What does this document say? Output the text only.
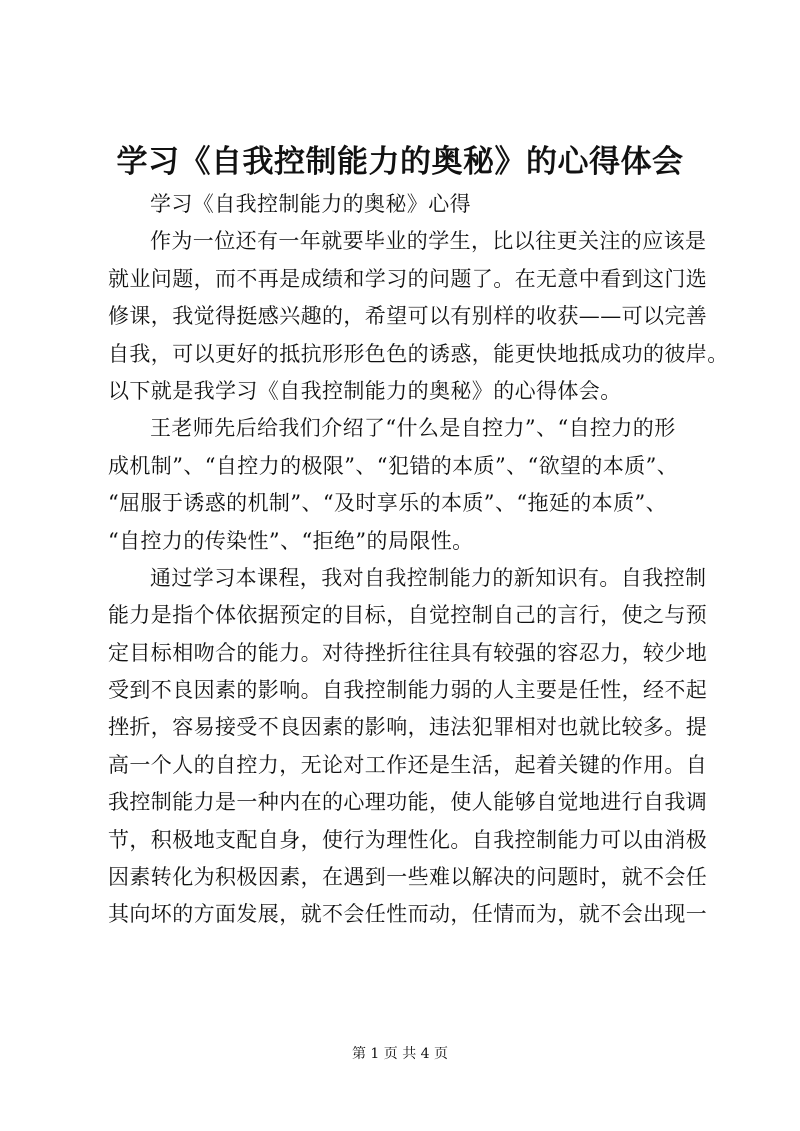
学习《自我控制能力的奥秘》的心得体会
学习《自我控制能力的奥秘》心得
作为一位还有一年就要毕业的学生，比以往更关注的应该是
就业问题，而不再是成绩和学习的问题了。在无意中看到这门选
修课，我觉得挺感兴趣的，希望可以有别样的收获——可以完善
自我，可以更好的抵抗形形色色的诱惑，能更快地抵成功的彼岸。
以下就是我学习《自我控制能力的奥秘》的心得体会。
王老师先后给我们介绍了“什么是自控力”、“自控力的形
成机制”、“自控力的极限”、“犯错的本质”、“欲望的本质”、
“屈服于诱惑的机制”、“及时享乐的本质”、“拖延的本质”、
“自控力的传染性”、“拒绝”的局限性。
通过学习本课程，我对自我控制能力的新知识有。自我控制
能力是指个体依据预定的目标，自觉控制自己的言行，使之与预
定目标相吻合的能力。对待挫折往往具有较强的容忍力，较少地
受到不良因素的影响。自我控制能力弱的人主要是任性，经不起
挫折，容易接受不良因素的影响，违法犯罪相对也就比较多。提
高一个人的自控力，无论对工作还是生活，起着关键的作用。自
我控制能力是一种内在的心理功能，使人能够自觉地进行自我调
节，积极地支配自身，使行为理性化。自我控制能力可以由消极
因素转化为积极因素，在遇到一些难以解决的问题时，就不会任
其向坏的方面发展，就不会任性而动，任情而为，就不会出现一
第 1 页 共 4 页
